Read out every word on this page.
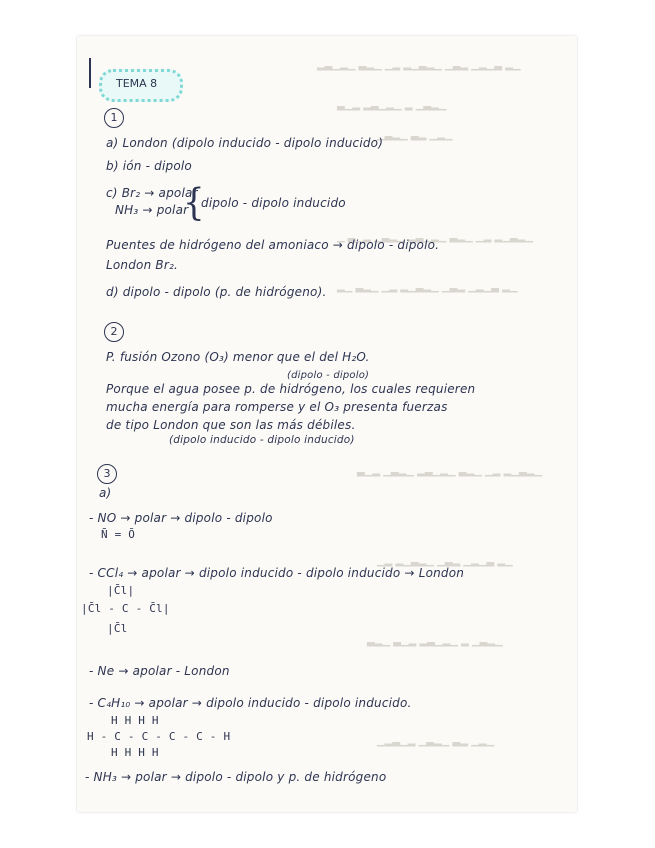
▁▂ ▃▁▂▁ ▂▃▁ ▁▂▃▁▂ ▂▁ ▁▂▃ ▁▂▁▃▂
▁▂▃▁ ▂ ▁▂▁▃▂ ▂▁▃
▁▂▁ ▂▃ ▁▂▃▁
▁▂▃▁▂ ▂▁ ▁▂▃ ▁▂▁▃▂ ▁▂▃▁ ▂▁▃ ▁
▁▂ ▃▁▂▁ ▂▃▁ ▁▂▃▁▂ ▂▁ ▁▂▃ ▁▂
▁▂▃▁▂ ▂▁ ▁▂▃ ▁▂▁▃▂ ▁▂▃▁ ▂▁▃
▁▂ ▃▁▂▁ ▂▃▁ ▁▂▃▁▂ ▂▁
▁▂▃▁ ▂ ▁▂▁▃▂ ▂▁▃ ▁▂▃
▁▂▁ ▂▃ ▁▂▃▁ ▂▁▃▂▁
TEMA 8
1
a) London (dipolo inducido - dipolo inducido)
b) ión - dipolo
c) Br₂ → apolar
NH₃ → polar
{
dipolo - dipolo inducido
Puentes de hidrógeno del amoniaco → dipolo - dipolo.
London Br₂.
d) dipolo - dipolo (p. de hidrógeno).
2
P. fusión Ozono (O₃) menor que el del H₂O.
(dipolo - dipolo)
Porque el agua posee p. de hidrógeno, los cuales requieren
mucha energía para romperse y el O₃ presenta fuerzas
de tipo London que son las más débiles.
(dipolo inducido - dipolo inducido)
3
a)
- NO → polar → dipolo - dipolo
N̄ = Ō
- CCl₄ → apolar → dipolo inducido - dipolo inducido → London
|C̄l|
|C̄l - C - C̄l|
|C̄l
- Ne → apolar - London
- C₄H₁₀ → apolar → dipolo inducido - dipolo inducido.
H H H H
H - C - C - C - C - H
H H H H
- NH₃ → polar → dipolo - dipolo y p. de hidrógeno
